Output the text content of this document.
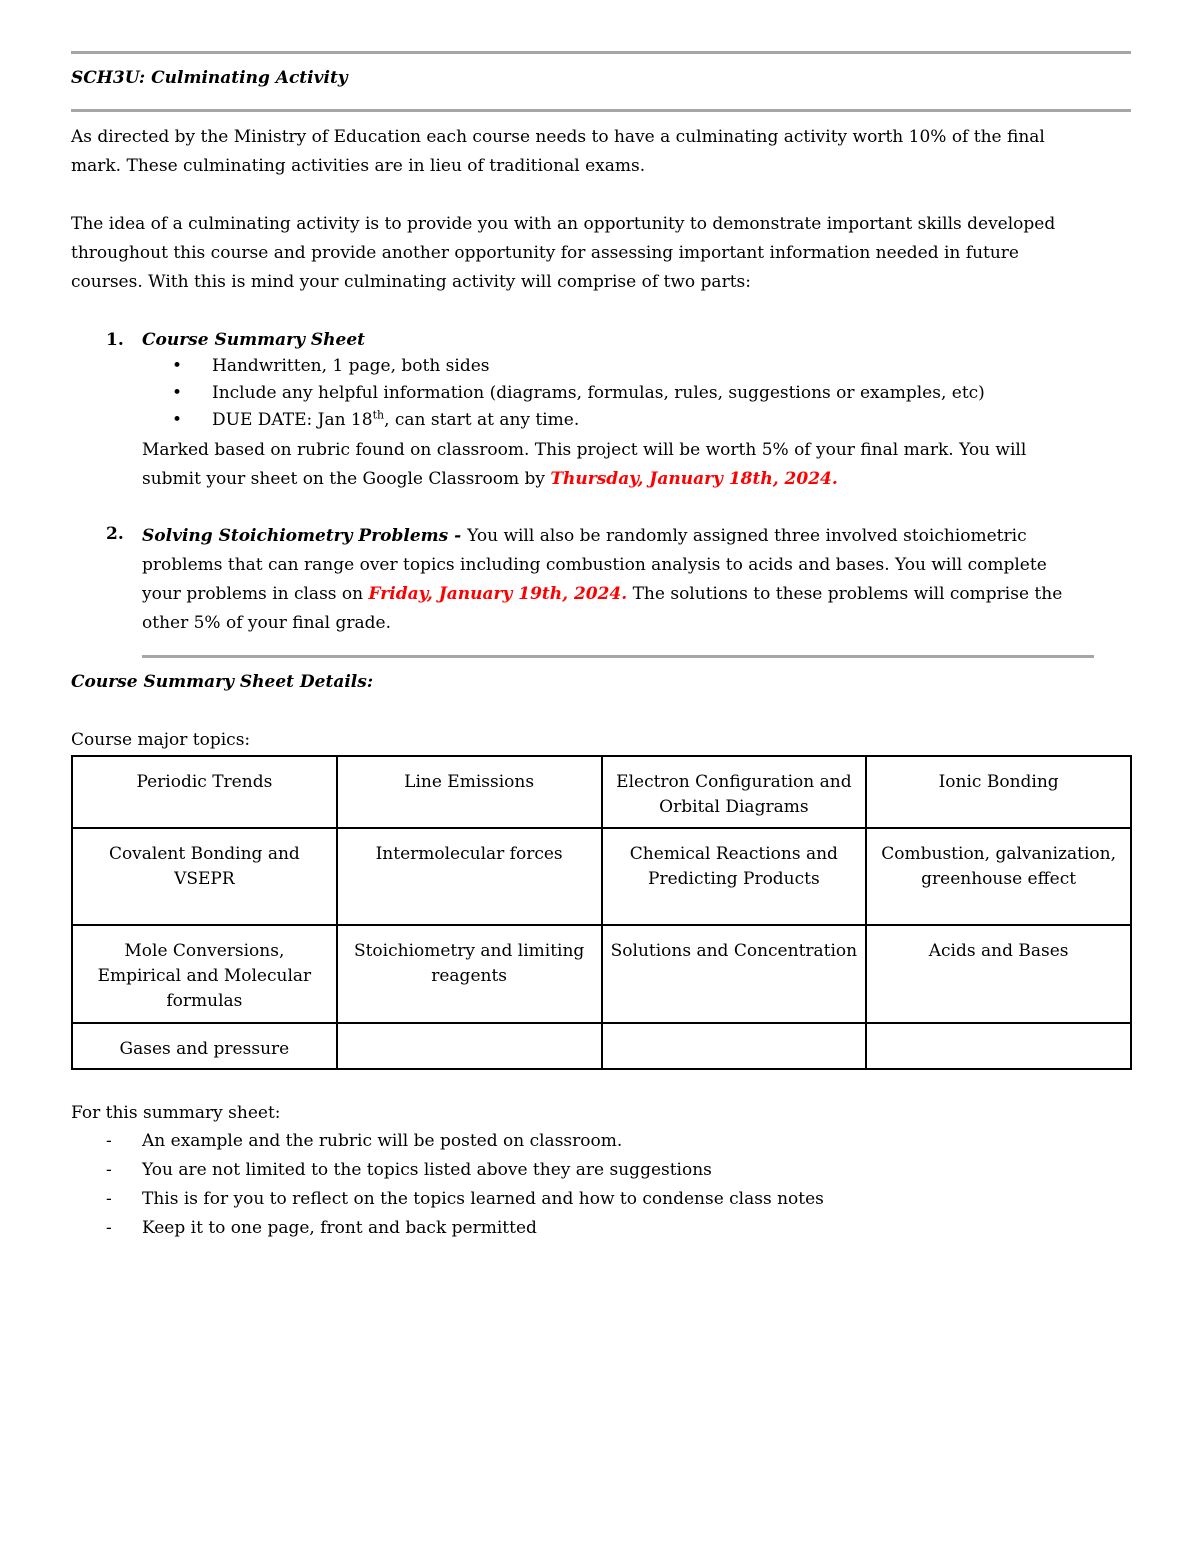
SCH3U: Culminating Activity
As directed by the Ministry of Education each course needs to have a culminating activity worth 10% of the final
mark. These culminating activities are in lieu of traditional exams.
The idea of a culminating activity is to provide you with an opportunity to demonstrate important skills developed
throughout this course and provide another opportunity for assessing important information needed in future
courses. With this is mind your culminating activity will comprise of two parts:
1. Course Summary Sheet
• Handwritten, 1 page, both sides
• Include any helpful information (diagrams, formulas, rules, suggestions or examples, etc)
• DUE DATE: Jan 18th, can start at any time.
Marked based on rubric found on classroom. This project will be worth 5% of your final mark. You will
submit your sheet on the Google Classroom by Thursday, January 18th, 2024.
2. Solving Stoichiometry Problems - You will also be randomly assigned three involved stoichiometric
problems that can range over topics including combustion analysis to acids and bases. You will complete
your problems in class on Friday, January 19th, 2024. The solutions to these problems will comprise the
other 5% of your final grade.
Course Summary Sheet Details:
Course major topics:
Periodic Trends	Line Emissions	Electron Configuration and Orbital Diagrams	Ionic Bonding
Covalent Bonding and VSEPR	Intermolecular forces	Chemical Reactions and Predicting Products	Combustion, galvanization, greenhouse effect
Mole Conversions, Empirical and Molecular formulas	Stoichiometry and limiting reagents	Solutions and Concentration	Acids and Bases
Gases and pressure			
For this summary sheet:
- An example and the rubric will be posted on classroom.
- You are not limited to the topics listed above they are suggestions
- This is for you to reflect on the topics learned and how to condense class notes
- Keep it to one page, front and back permitted
